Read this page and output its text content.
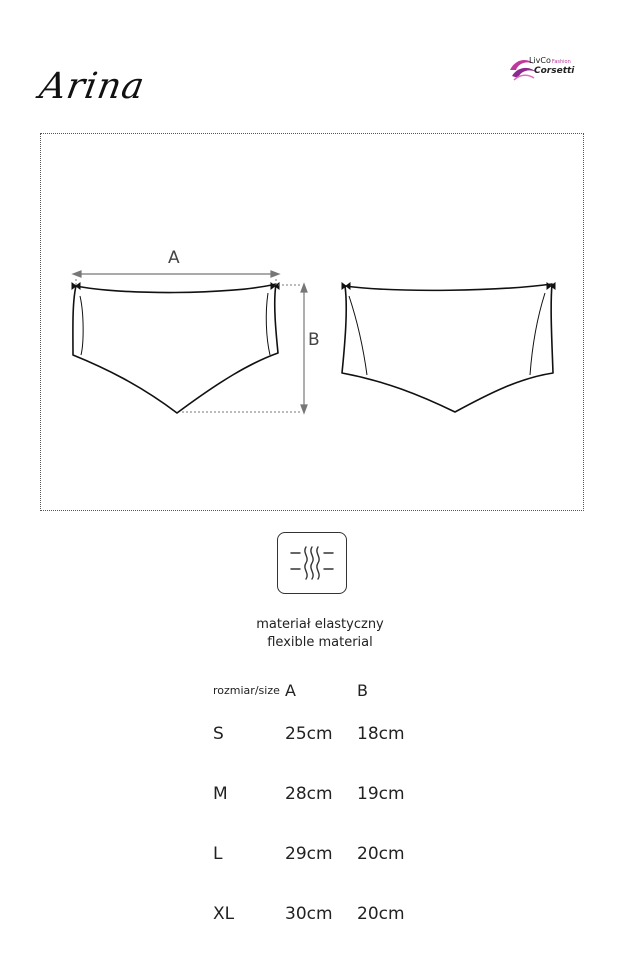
Arina
LivCoFashion
Corsetti
A
B
materiał elastyczny
flexible material
rozmiar/size	A	B
S	25cm	18cm
M	28cm	19cm
L	29cm	20cm
XL	30cm	20cm
